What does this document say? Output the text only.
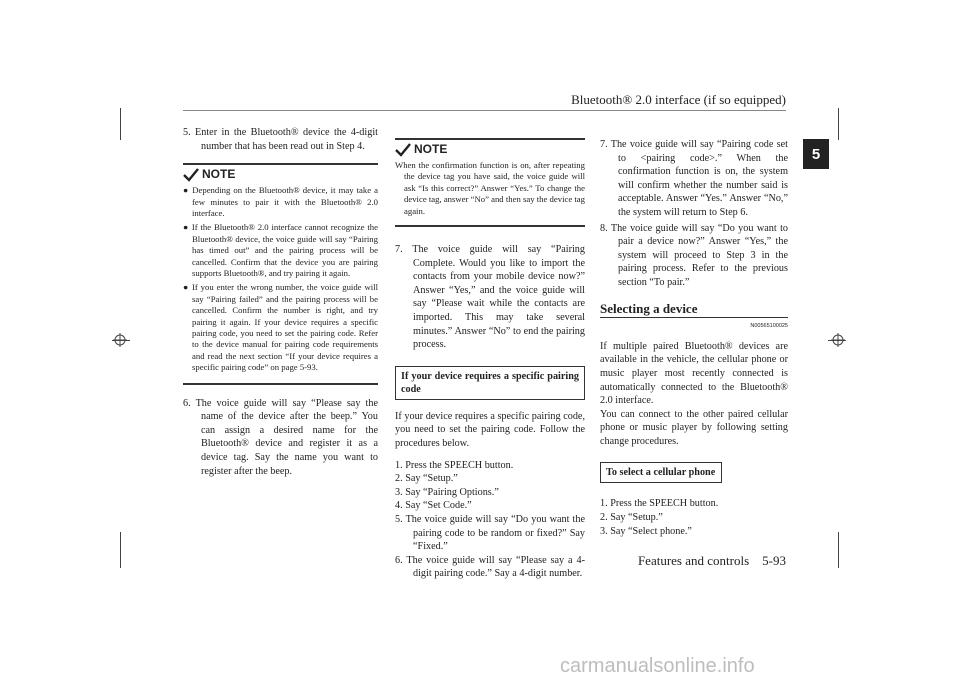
Bluetooth® 2.0 interface (if so equipped)
5
5. Enter in the Bluetooth® device the 4-digit number that has been read out in Step 4.
NOTE
● Depending on the Bluetooth® device, it may take a few minutes to pair it with the Bluetooth® 2.0 interface.
● If the Bluetooth® 2.0 interface cannot recognize the Bluetooth® device, the voice guide will say “Pairing has timed out” and the pairing process will be cancelled. Confirm that the device you are pairing supports Bluetooth®, and try pairing it again.
● If you enter the wrong number, the voice guide will say “Pairing failed” and the pairing process will be cancelled. Confirm the number is right, and try pairing it again. If your device requires a specific pairing code, you need to set the pairing code. Refer to the device manual for pairing code requirements and read the next section “If your device requires a specific pairing code” on page 5-93.
6. The voice guide will say “Please say the name of the device after the beep.” You can assign a desired name for the Bluetooth® device and register it as a device tag. Say the name you want to register after the beep.
NOTE
When the confirmation function is on, after repeating the device tag you have said, the voice guide will ask “Is this correct?” Answer “Yes.” To change the device tag, answer “No” and then say the device tag again.
7. The voice guide will say “Pairing Complete. Would you like to import the contacts from your mobile device now?” Answer “Yes,” and the voice guide will say “Please wait while the contacts are imported. This may take several minutes.” Answer “No” to end the pairing process.
If your device requires a specific pairing code
If your device requires a specific pairing code, you need to set the pairing code. Follow the procedures below.
1. Press the SPEECH button.
2. Say “Setup.”
3. Say “Pairing Options.”
4. Say “Set Code.”
5. The voice guide will say “Do you want the pairing code to be random or fixed?” Say “Fixed.”
6. The voice guide will say “Please say a 4-digit pairing code.” Say a 4-digit number.
7. The voice guide will say “Pairing code set to <pairing code>.” When the confirmation function is on, the system will confirm whether the number said is acceptable. Answer “Yes.” Answer “No,” the system will return to Step 6.
8. The voice guide will say “Do you want to pair a device now?” Answer “Yes,” the system will proceed to Step 3 in the pairing process. Refer to the previous section “To pair.”
Selecting a device
N00565100025
If multiple paired Bluetooth® devices are available in the vehicle, the cellular phone or music player most recently connected is automatically connected to the Bluetooth® 2.0 interface.
You can connect to the other paired cellular phone or music player by following setting change procedures.
To select a cellular phone
1. Press the SPEECH button.
2. Say “Setup.”
3. Say “Select phone.”
Features and controls 5-93
carmanualsonline.info
